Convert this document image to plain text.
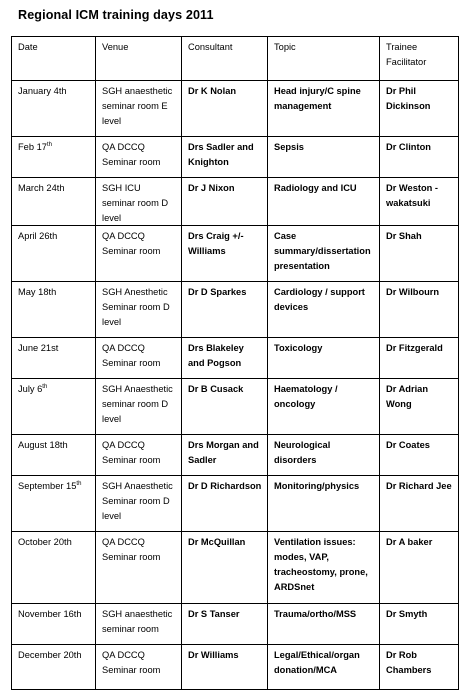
Regional ICM training days 2011
Date	Venue	Consultant	Topic	Trainee Facilitator
January 4th	SGH anaesthetic seminar room E level	Dr K Nolan	Head injury/C spine management	Dr Phil Dickinson
Feb 17th	QA DCCQ Seminar room	Drs Sadler and Knighton	Sepsis	Dr Clinton
March 24th	SGH ICU seminar room D level	Dr J Nixon	Radiology and ICU	Dr Weston - wakatsuki
April 26th	QA DCCQ Seminar room	Drs Craig +/- Williams	Case summary/dissertation presentation	Dr Shah
May 18th	SGH Anesthetic Seminar room D level	Dr D Sparkes	Cardiology / support devices	Dr Wilbourn
June 21st	QA DCCQ Seminar room	Drs Blakeley and Pogson	Toxicology	Dr Fitzgerald
July 6th	SGH Anaesthetic seminar room D level	Dr B Cusack	Haematology / oncology	Dr Adrian Wong
August 18th	QA DCCQ Seminar room	Drs Morgan and Sadler	Neurological disorders	Dr Coates
September 15th	SGH Anaesthetic Seminar room D level	Dr D Richardson	Monitoring/physics	Dr Richard Jee
October 20th	QA DCCQ Seminar room	Dr McQuillan	Ventilation issues: modes, VAP, tracheostomy, prone, ARDSnet	Dr A baker
November 16th	SGH anaesthetic seminar room	Dr S Tanser	Trauma/ortho/MSS	Dr Smyth
December 20th	QA DCCQ Seminar room	Dr Williams	Legal/Ethical/organ donation/MCA	Dr Rob Chambers
